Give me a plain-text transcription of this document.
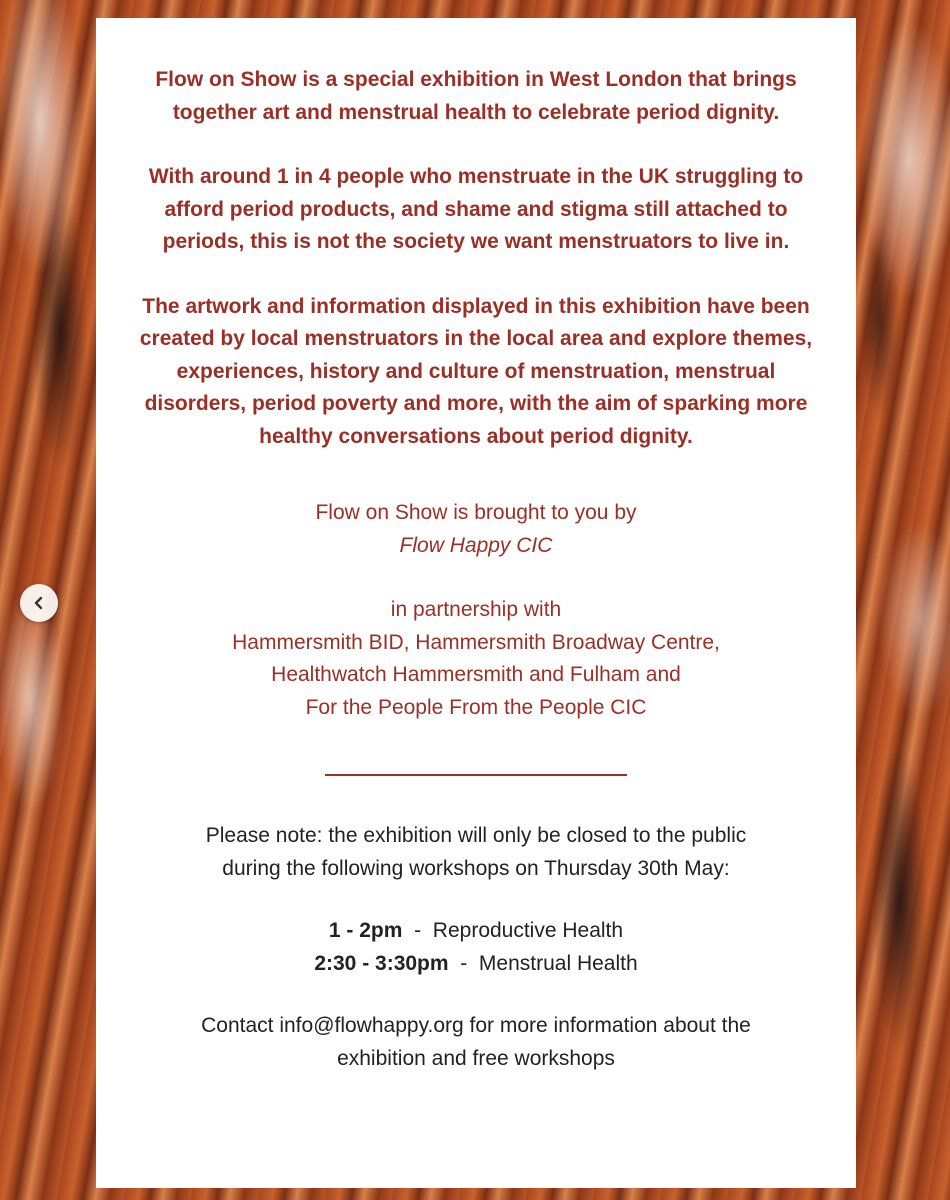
Flow on Show is a special exhibition in West London that brings together art and menstrual health to celebrate period dignity.

With around 1 in 4 people who menstruate in the UK struggling to afford period products, and shame and stigma still attached to periods, this is not the society we want menstruators to live in.

The artwork and information displayed in this exhibition have been created by local menstruators in the local area and explore themes, experiences, history and culture of menstruation, menstrual disorders, period poverty and more, with the aim of sparking more healthy conversations about period dignity.

Flow on Show is brought to you by

Flow Happy CIC

in partnership with

Hammersmith BID, Hammersmith Broadway Centre,

Healthwatch Hammersmith and Fulham and

For the People From the People CIC

Please note: the exhibition will only be closed to the public

during the following workshops on Thursday 30th May:

1 - 2pm  -  Reproductive Health

2:30 - 3:30pm  -  Menstrual Health

Contact info@flowhappy.org for more information about the

exhibition and free workshops
